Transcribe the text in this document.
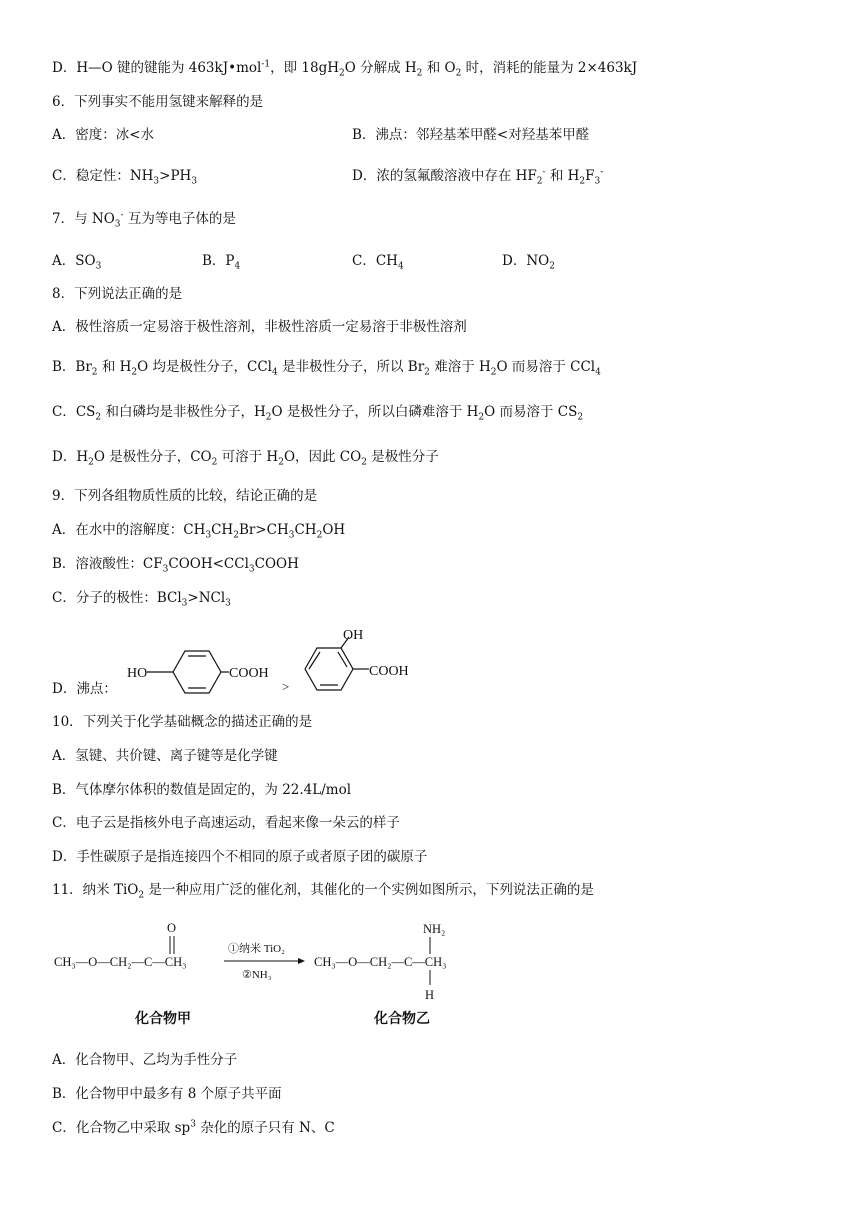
D．H—O 键的键能为 463kJ•mol$^{-1}$，即 $18gH_2O$ 分解成 $H_2$ 和 $O_2$ 时，消耗的能量为 2×463kJ
6．下列事实不能用氢键来解释的是
A．密度：冰<水	B．沸点：邻羟基苯甲醛<对羟基苯甲醛
C．稳定性：$NH_3>PH_3$	D．浓的氢氟酸溶液中存在 $HF_2^-$ 和 $H_2F_3^-$
7．与 $NO_3^-$ 互为等电子体的是
A．$SO_3$	B．$P_4$	C．$CH_4$	D．$NO_2$
8．下列说法正确的是
A．极性溶质一定易溶于极性溶剂，非极性溶质一定易溶于非极性溶剂
B．$Br_2$ 和 $H_2O$ 均是极性分子，CCl$_4$ 是非极性分子，所以 $Br_2$ 难溶于 $H_2O$ 而易溶于 CCl$_4$
C．$CS_2$ 和白磷均是非极性分子，$H_2O$ 是极性分子，所以白磷难溶于 $H_2O$ 而易溶于 $CS_2$
D．$H_2O$ 是极性分子，$CO_2$ 可溶于 $H_2O$，因此 $CO_2$ 是极性分子
9．下列各组物质性质的比较，结论正确的是
A．在水中的溶解度：$CH_3CH_2Br>CH_3CH_2OH$
B．溶液酸性：$CF_3COOH<CCl_3COOH$
C．分子的极性：BCl$_3$>NCl$_3$
D．沸点：
HO	COOH
>
OH
COOH
10．下列关于化学基础概念的描述正确的是
A．氢键、共价键、离子键等是化学键
B．气体摩尔体积的数值是固定的，为 22.4L/mol
C．电子云是指核外电子高速运动，看起来像一朵云的样子
D．手性碳原子是指连接四个不相同的原子或者原子团的碳原子
11．纳米 TiO$_2$ 是一种应用广泛的催化剂，其催化的一个实例如图所示，下列说法正确的是
CH₃—O—CH₂—C—CH₃
O
①纳米 TiO₂
②NH₃
CH₃—O—CH₂—C—CH₃
NH₂
H
化合物甲	化合物乙
A．化合物甲、乙均为手性分子
B．化合物甲中最多有 8 个原子共平面
C．化合物乙中采取 $sp^3$ 杂化的原子只有 N、C
